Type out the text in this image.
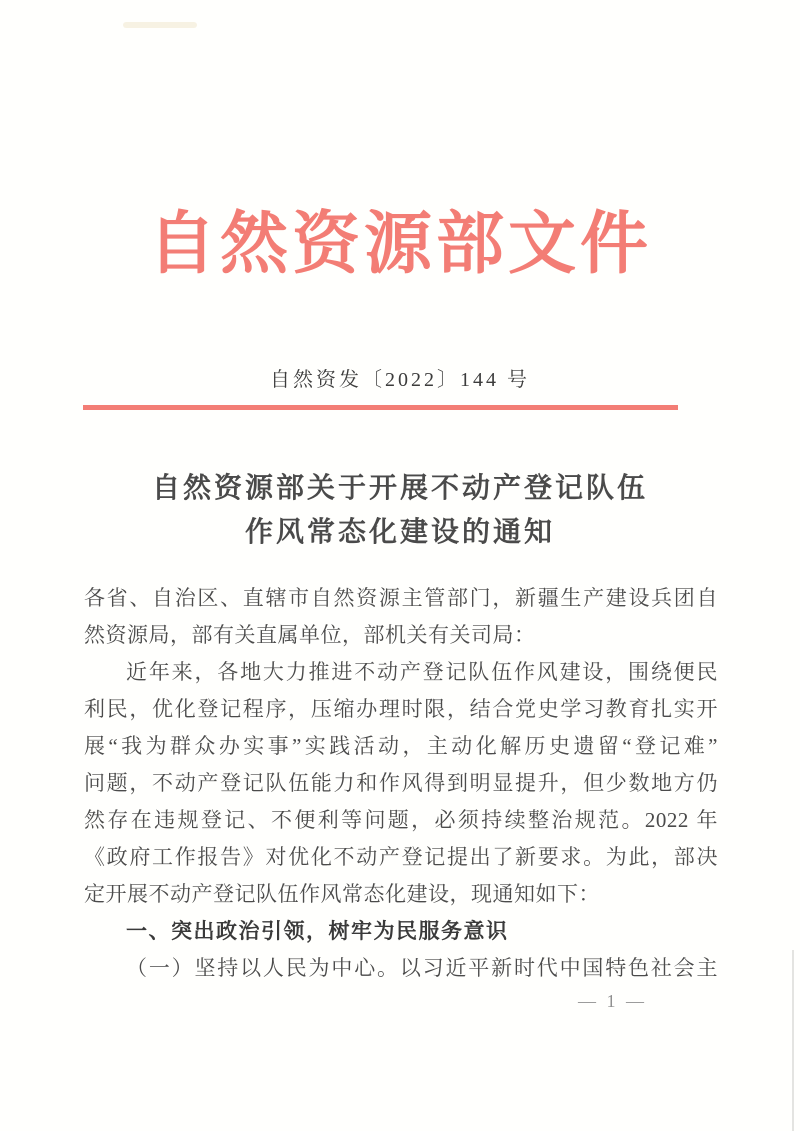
自然资源部文件
自然资发〔2022〕144 号
自然资源部关于开展不动产登记队伍
作风常态化建设的通知
各省、自治区、直辖市自然资源主管部门，新疆生产建设兵团自
然资源局，部有关直属单位，部机关有关司局：
近年来，各地大力推进不动产登记队伍作风建设，围绕便民
利民，优化登记程序，压缩办理时限，结合党史学习教育扎实开
展“我为群众办实事”实践活动，主动化解历史遗留“登记难”
问题，不动产登记队伍能力和作风得到明显提升，但少数地方仍
然存在违规登记、不便利等问题，必须持续整治规范。2022 年
《政府工作报告》对优化不动产登记提出了新要求。为此，部决
定开展不动产登记队伍作风常态化建设，现通知如下：
一、突出政治引领，树牢为民服务意识
（一）坚持以人民为中心。以习近平新时代中国特色社会主
— 1 —
